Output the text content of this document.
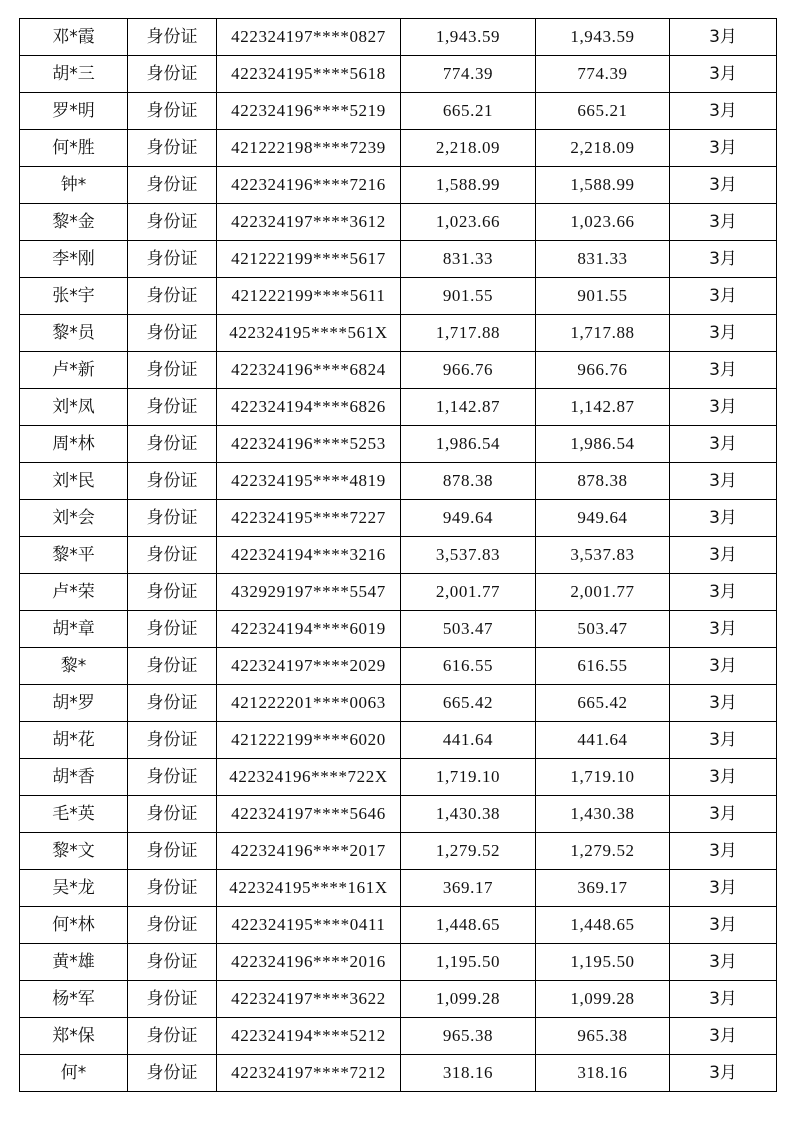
邓*霞	身份证	422324197****0827	1,943.59	1,943.59	3月
胡*三	身份证	422324195****5618	774.39	774.39	3月
罗*明	身份证	422324196****5219	665.21	665.21	3月
何*胜	身份证	421222198****7239	2,218.09	2,218.09	3月
钟*	身份证	422324196****7216	1,588.99	1,588.99	3月
黎*金	身份证	422324197****3612	1,023.66	1,023.66	3月
李*刚	身份证	421222199****5617	831.33	831.33	3月
张*宇	身份证	421222199****5611	901.55	901.55	3月
黎*员	身份证	422324195****561X	1,717.88	1,717.88	3月
卢*新	身份证	422324196****6824	966.76	966.76	3月
刘*凤	身份证	422324194****6826	1,142.87	1,142.87	3月
周*林	身份证	422324196****5253	1,986.54	1,986.54	3月
刘*民	身份证	422324195****4819	878.38	878.38	3月
刘*会	身份证	422324195****7227	949.64	949.64	3月
黎*平	身份证	422324194****3216	3,537.83	3,537.83	3月
卢*荣	身份证	432929197****5547	2,001.77	2,001.77	3月
胡*章	身份证	422324194****6019	503.47	503.47	3月
黎*	身份证	422324197****2029	616.55	616.55	3月
胡*罗	身份证	421222201****0063	665.42	665.42	3月
胡*花	身份证	421222199****6020	441.64	441.64	3月
胡*香	身份证	422324196****722X	1,719.10	1,719.10	3月
毛*英	身份证	422324197****5646	1,430.38	1,430.38	3月
黎*文	身份证	422324196****2017	1,279.52	1,279.52	3月
吴*龙	身份证	422324195****161X	369.17	369.17	3月
何*林	身份证	422324195****0411	1,448.65	1,448.65	3月
黄*雄	身份证	422324196****2016	1,195.50	1,195.50	3月
杨*军	身份证	422324197****3622	1,099.28	1,099.28	3月
郑*保	身份证	422324194****5212	965.38	965.38	3月
何*	身份证	422324197****7212	318.16	318.16	3月
